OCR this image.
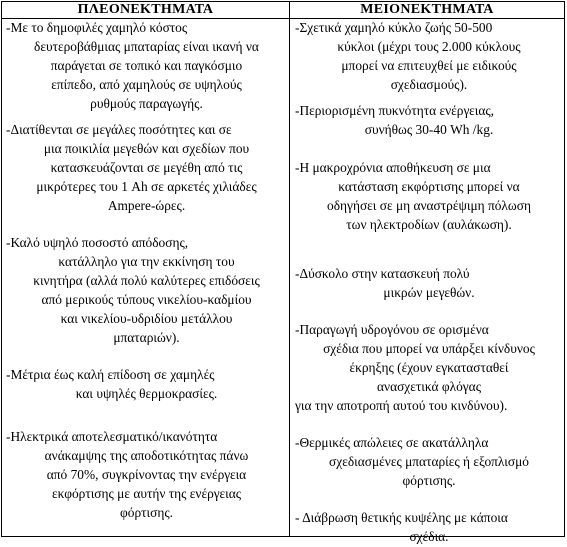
ΠΛΕΟΝΕΚΤΗΜΑΤΑ	ΜΕΙΟΝΕΚΤΗΜΑΤΑ
-Με το δημοφιλές χαμηλό κόστος
δευτεροβάθμιας μπαταρίας είναι ικανή να
παράγεται σε τοπικό και παγκόσμιο
επίπεδο, από χαμηλούς σε υψηλούς
ρυθμούς παραγωγής.
-Διατίθενται σε μεγάλες ποσότητες και σε
μια ποικιλία μεγεθών και σχεδίων που
κατασκευάζονται σε μεγέθη από τις
μικρότερες του 1 Ah σε αρκετές χιλιάδες
Ampere-ώρες.
-Καλό υψηλό ποσοστό απόδοσης,
κατάλληλο για την εκκίνηση του
κινητήρα (αλλά πολύ καλύτερες επιδόσεις
από μερικούς τύπους νικελίου-καδμίου
και νικελίου-υδριδίου μετάλλου
μπαταριών).
-Μέτρια έως καλή επίδοση σε χαμηλές
και υψηλές θερμοκρασίες.
-Ηλεκτρικά αποτελεσματικό/ικανότητα
ανάκαμψης της αποδοτικότητας πάνω
από 70%, συγκρίνοντας την ενέργεια
εκφόρτισης με αυτήν της ενέργειας
φόρτισης.
-Σχετικά χαμηλό κύκλο ζωής 50-500
κύκλοι (μέχρι τους 2.000 κύκλους
μπορεί να επιτευχθεί με ειδικούς
σχεδιασμούς).
-Περιορισμένη πυκνότητα ενέργειας,
συνήθως 30-40 Wh /kg.
-Η μακροχρόνια αποθήκευση σε μια
κατάσταση εκφόρτισης μπορεί να
οδηγήσει σε μη αναστρέψιμη πόλωση
των ηλεκτροδίων (αυλάκωση).
-Δύσκολο στην κατασκευή πολύ
μικρών μεγεθών.
-Παραγωγή υδρογόνου σε ορισμένα
σχέδια που μπορεί να υπάρξει κίνδυνος
έκρηξης (έχουν εγκατασταθεί
ανασχετικά φλόγας
για την αποτροπή αυτού του κινδύνου).
-Θερμικές απώλειες σε ακατάλληλα
σχεδιασμένες μπαταρίες ή εξοπλισμό
φόρτισης.
- Διάβρωση θετικής κυψέλης με κάποια
σχέδια.
